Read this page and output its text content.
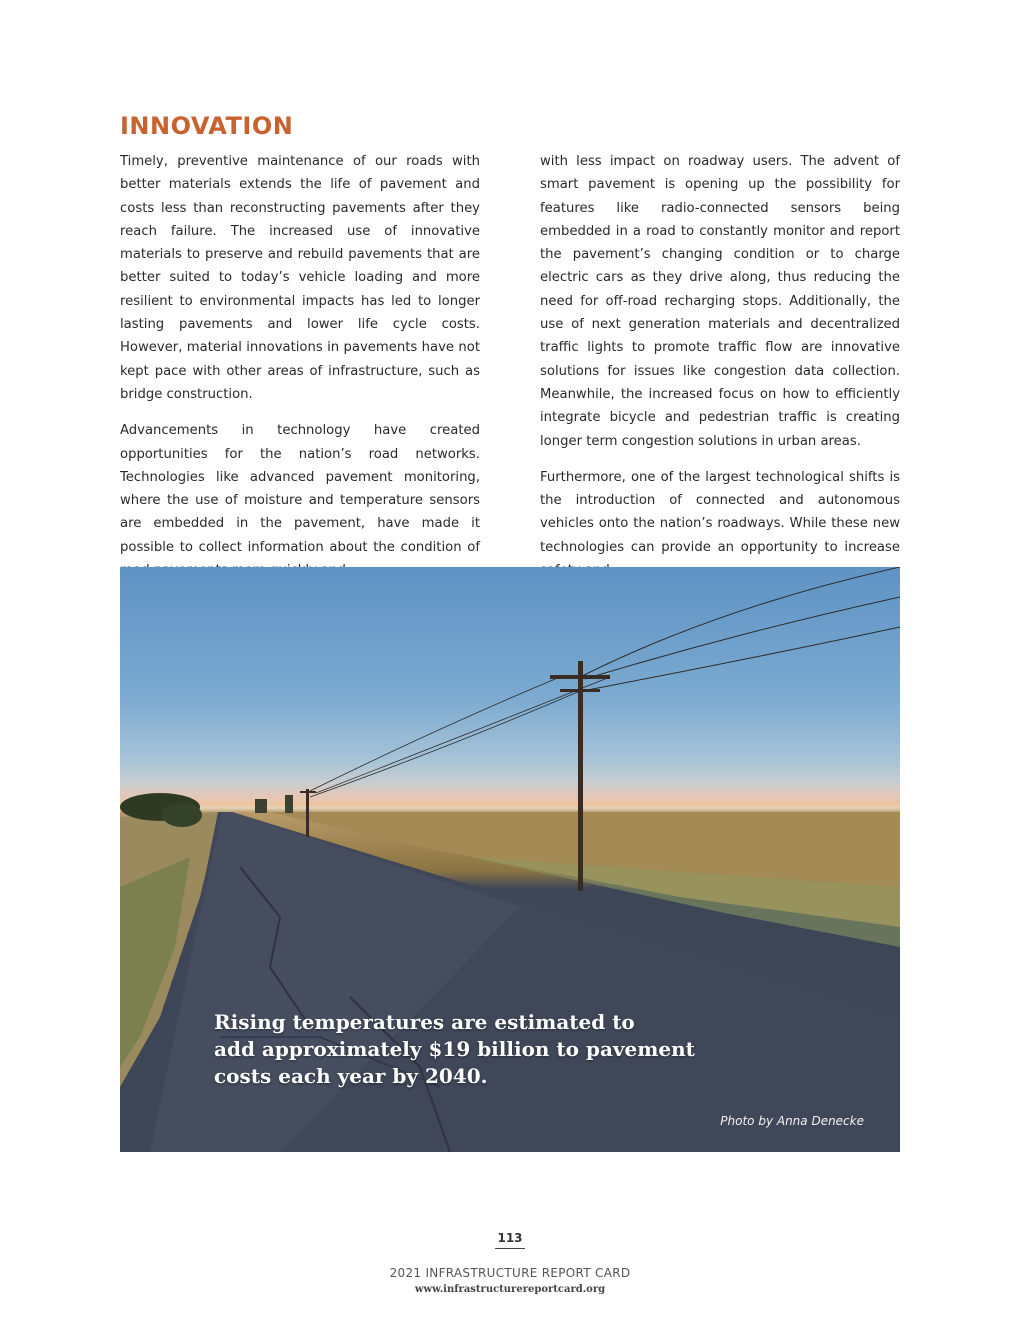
INNOVATION

Timely, preventive maintenance of our roads with better materials extends the life of pavement and costs less than reconstructing pavements after they reach failure. The increased use of innovative materials to preserve and rebuild pavements that are better suited to today’s vehicle loading and more resilient to environmental impacts has led to longer lasting pavements and lower life cycle costs. However, material innovations in pavements have not kept pace with other areas of infrastructure, such as bridge construction.

Advancements in technology have created opportunities for the nation’s road networks. Technologies like advanced pavement monitoring, where the use of moisture and temperature sensors are embedded in the pavement, have made it possible to collect information about the condition of

with less impact on roadway users. The advent of smart pavement is opening up the possibility for features like radio-connected sensors being embedded in a road to constantly monitor and report the pavement’s changing condition or to charge electric cars as they drive along, thus reducing the need for off-road recharging stops. Additionally, the use of next generation materials and decentralized traffic lights to promote traffic flow are innovative solutions for issues like congestion data collection. Meanwhile, the increased focus on how to efficiently integrate bicycle and pedestrian traffic is creating longer term congestion solutions in urban areas.

Furthermore, one of the largest technological shifts is the introduction of connected and autonomous vehicles onto the nation’s roadways. While these new technologies can provide an opportunity to increase

Rising temperatures are estimated to
add approximately $19 billion to pavement
costs each year by 2040.
Photo by Anna Denecke
113
2021 INFRASTRUCTURE REPORT CARD
www.infrastructurereportcard.org
